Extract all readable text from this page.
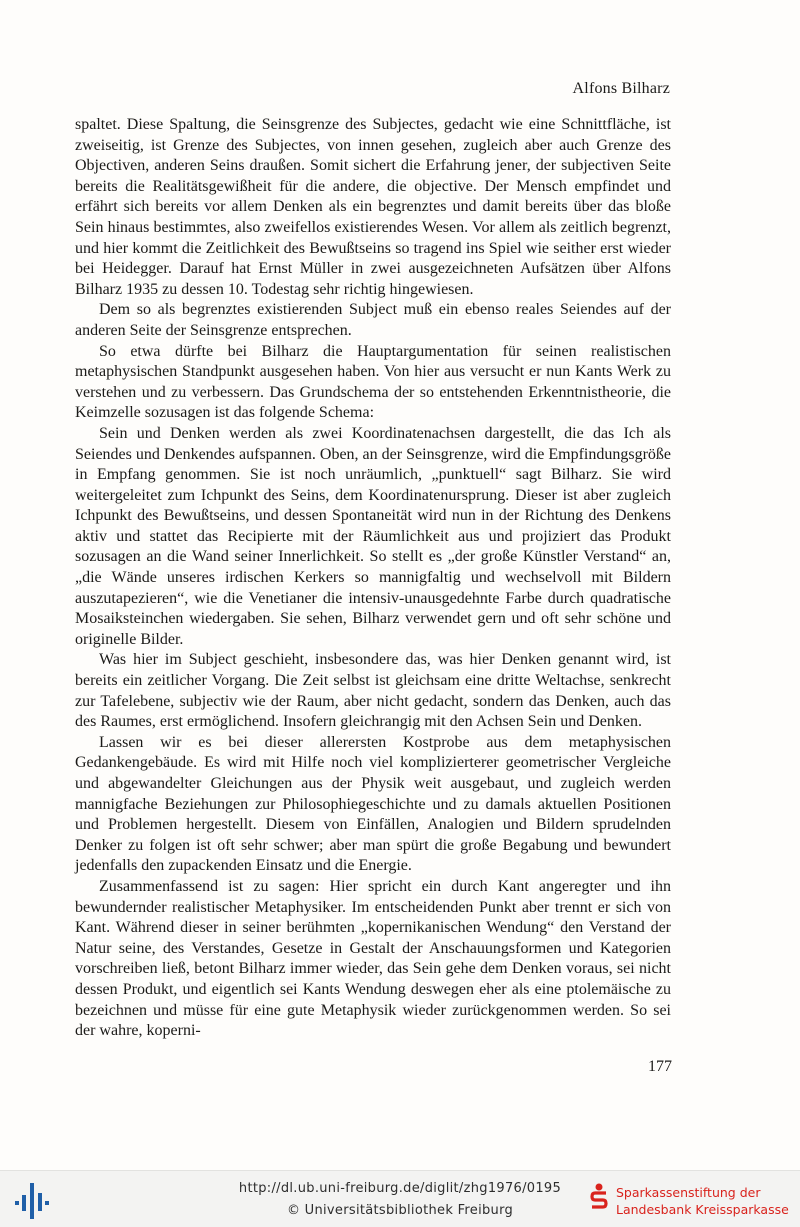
Alfons Bilharz

spaltet. Diese Spaltung, die Seinsgrenze des Subjectes, gedacht wie eine Schnittfläche, ist zweiseitig, ist Grenze des Subjectes, von innen gesehen, zugleich aber auch Grenze des Objectiven, anderen Seins draußen. Somit sichert die Erfahrung jener, der subjectiven Seite bereits die Realitätsgewißheit für die andere, die objective. Der Mensch empfindet und erfährt sich bereits vor allem Denken als ein begrenztes und damit bereits über das bloße Sein hinaus bestimmtes, also zweifellos existierendes Wesen. Vor allem als zeitlich begrenzt, und hier kommt die Zeitlichkeit des Bewußtseins so tragend ins Spiel wie seither erst wieder bei Heidegger. Darauf hat Ernst Müller in zwei ausgezeichneten Aufsätzen über Alfons Bilharz 1935 zu dessen 10. Todestag sehr richtig hingewiesen.

Dem so als begrenztes existierenden Subject muß ein ebenso reales Seiendes auf der anderen Seite der Seinsgrenze entsprechen.

So etwa dürfte bei Bilharz die Hauptargumentation für seinen realistischen metaphysischen Standpunkt ausgesehen haben. Von hier aus versucht er nun Kants Werk zu verstehen und zu verbessern. Das Grundschema der so entstehenden Erkenntnistheorie, die Keimzelle sozusagen ist das folgende Schema:

Sein und Denken werden als zwei Koordinatenachsen dargestellt, die das Ich als Seiendes und Denkendes aufspannen. Oben, an der Seinsgrenze, wird die Empfindungsgröße in Empfang genommen. Sie ist noch unräumlich, „punktuell“ sagt Bilharz. Sie wird weitergeleitet zum Ichpunkt des Seins, dem Koordinatenursprung. Dieser ist aber zugleich Ichpunkt des Bewußtseins, und dessen Spontaneität wird nun in der Richtung des Denkens aktiv und stattet das Recipierte mit der Räumlichkeit aus und projiziert das Produkt sozusagen an die Wand seiner Innerlichkeit. So stellt es „der große Künstler Verstand“ an, „die Wände unseres irdischen Kerkers so mannigfaltig und wechselvoll mit Bildern auszutapezieren“, wie die Venetianer die intensiv-unausgedehnte Farbe durch quadratische Mosaiksteinchen wiedergaben. Sie sehen, Bilharz verwendet gern und oft sehr schöne und originelle Bilder.

Was hier im Subject geschieht, insbesondere das, was hier Denken genannt wird, ist bereits ein zeitlicher Vorgang. Die Zeit selbst ist gleichsam eine dritte Weltachse, senkrecht zur Tafelebene, subjectiv wie der Raum, aber nicht gedacht, sondern das Denken, auch das des Raumes, erst ermöglichend. Insofern gleichrangig mit den Achsen Sein und Denken.

Lassen wir es bei dieser allerersten Kostprobe aus dem metaphysischen Gedankengebäude. Es wird mit Hilfe noch viel komplizierterer geometrischer Vergleiche und abgewandelter Gleichungen aus der Physik weit ausgebaut, und zugleich werden mannigfache Beziehungen zur Philosophiegeschichte und zu damals aktuellen Positionen und Problemen hergestellt. Diesem von Einfällen, Analogien und Bildern sprudelnden Denker zu folgen ist oft sehr schwer; aber man spürt die große Begabung und bewundert jedenfalls den zupackenden Einsatz und die Energie.

Zusammenfassend ist zu sagen: Hier spricht ein durch Kant angeregter und ihn bewundernder realistischer Metaphysiker. Im entscheidenden Punkt aber trennt er sich von Kant. Während dieser in seiner berühmten „kopernikanischen Wendung“ den Verstand der Natur seine, des Verstandes, Gesetze in Gestalt der Anschauungsformen und Kategorien vorschreiben ließ, betont Bilharz immer wieder, das Sein gehe dem Denken voraus, sei nicht dessen Produkt, und eigentlich sei Kants Wendung deswegen eher als eine ptolemäische zu bezeichnen und müsse für eine gute Metaphysik wieder zurückgenommen werden. So sei der wahre, koperni-

177
http://dl.ub.uni-freiburg.de/diglit/zhg1976/0195
© Universitätsbibliothek Freiburg
Sparkassenstiftung der
Landesbank Kreissparkasse
